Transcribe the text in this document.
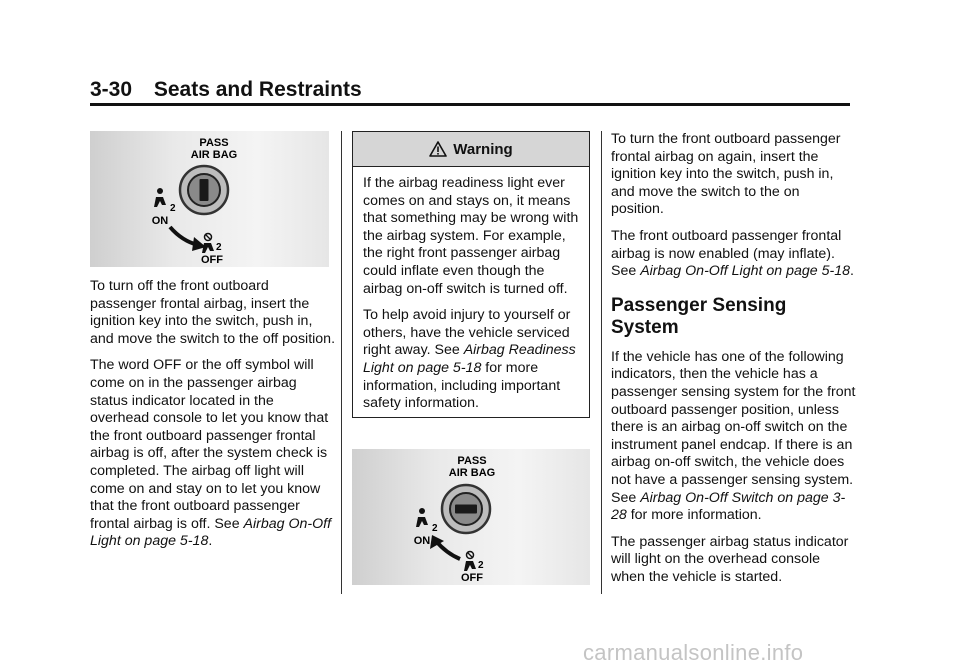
3-30 Seats and Restraints
PASS
AIR BAG
2
ON
2
OFF

To turn off the front outboard passenger frontal airbag, insert the ignition key into the switch, push in, and move the switch to the off position.

The word OFF or the off symbol will come on in the passenger airbag status indicator located in the overhead console to let you know that the front outboard passenger frontal airbag is off, after the system check is completed. The airbag off light will come on and stay on to let you know that the front outboard passenger frontal airbag is off. See Airbag On-Off Light on page 5-18.

Warning

If the airbag readiness light ever comes on and stays on, it means that something may be wrong with the airbag system. For example, the right front passenger airbag could inflate even though the airbag on-off switch is turned off.

To help avoid injury to yourself or others, have the vehicle serviced right away. See Airbag Readiness Light on page 5-18 for more information, including important safety information.

PASS
AIR BAG
2
ON
2
OFF

To turn the front outboard passenger frontal airbag on again, insert the ignition key into the switch, push in, and move the switch to the on position.

The front outboard passenger frontal airbag is now enabled (may inflate). See Airbag On-Off Light on page 5-18.

Passenger Sensing System

If the vehicle has one of the following indicators, then the vehicle has a passenger sensing system for the front outboard passenger position, unless there is an airbag on-off switch on the instrument panel endcap. If there is an airbag on-off switch, the vehicle does not have a passenger sensing system. See Airbag On-Off Switch on page 3-28 for more information.

The passenger airbag status indicator will light on the overhead console when the vehicle is started.

carmanualsonline.info
